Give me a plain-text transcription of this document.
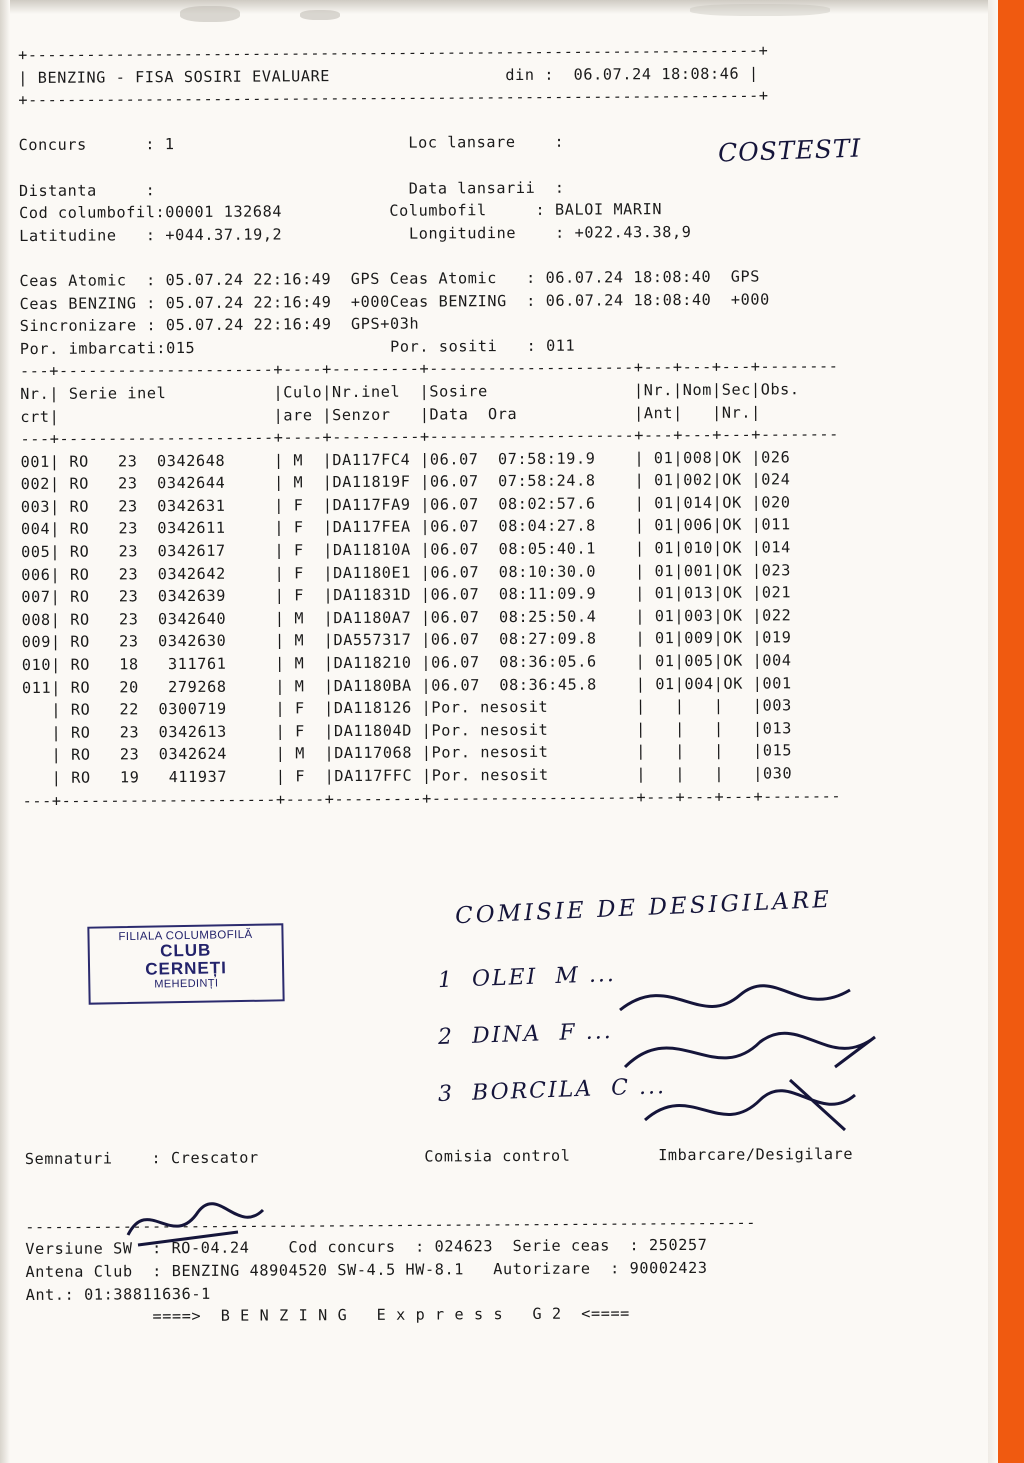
+---------------------------------------------------------------------------+
| BENZING - FISA SOSIRI EVALUARE                  din :  06.07.24 18:08:46 |
+---------------------------------------------------------------------------+

Concurs      : 1                        Loc lansare    :

Distanta     :                          Data lansarii  :
Cod columbofil:00001 132684           Columbofil     : BALOI MARIN
Latitudine   : +044.37.19,2             Longitudine    : +022.43.38,9

Ceas Atomic  : 05.07.24 22:16:49  GPS Ceas Atomic   : 06.07.24 18:08:40  GPS
Ceas BENZING : 05.07.24 22:16:49  +000Ceas BENZING  : 06.07.24 18:08:40  +000
Sincronizare : 05.07.24 22:16:49  GPS+03h
Por. imbarcati:015                    Por. sositi   : 011
---+----------------------+----+---------+---------------------+---+---+---+--------
Nr.| Serie inel           |Culo|Nr.inel  |Sosire               |Nr.|Nom|Sec|Obs.
crt|                      |are |Senzor   |Data  Ora            |Ant|   |Nr.|
---+----------------------+----+---------+---------------------+---+---+---+--------
001| RO   23  0342648     | M  |DA117FC4 |06.07  07:58:19.9    | 01|008|OK |026
002| RO   23  0342644     | M  |DA11819F |06.07  07:58:24.8    | 01|002|OK |024
003| RO   23  0342631     | F  |DA117FA9 |06.07  08:02:57.6    | 01|014|OK |020
004| RO   23  0342611     | F  |DA117FEA |06.07  08:04:27.8    | 01|006|OK |011
005| RO   23  0342617     | F  |DA11810A |06.07  08:05:40.1    | 01|010|OK |014
006| RO   23  0342642     | F  |DA1180E1 |06.07  08:10:30.0    | 01|001|OK |023
007| RO   23  0342639     | F  |DA11831D |06.07  08:11:09.9    | 01|013|OK |021
008| RO   23  0342640     | M  |DA1180A7 |06.07  08:25:50.4    | 01|003|OK |022
009| RO   23  0342630     | M  |DA557317 |06.07  08:27:09.8    | 01|009|OK |019
010| RO   18   311761     | M  |DA118210 |06.07  08:36:05.6    | 01|005|OK |004
011| RO   20   279268     | M  |DA1180BA |06.07  08:36:45.8    | 01|004|OK |001
| RO   22  0300719     | F  |DA118126 |Por. nesosit         |   |   |   |003
| RO   23  0342613     | F  |DA11804D |Por. nesosit         |   |   |   |013
| RO   23  0342624     | M  |DA117068 |Por. nesosit         |   |   |   |015
| RO   19   411937     | F  |DA117FFC |Por. nesosit         |   |   |   |030
---+----------------------+----+---------+---------------------+---+---+---+--------
Semnaturi    : Crescator                 Comisia control         Imbarcare/Desigilare

---------------------------------------------------------------------------
Versiune SW  : RO-04.24    Cod concurs  : 024623  Serie ceas  : 250257
Antena Club  : BENZING 48904520 SW-4.5 HW-8.1   Autorizare  : 90002423
Ant.: 01:38811636-1
====>  B E N Z I N G   E x p r e s s   G 2  <====
FILIALA COLUMBOFILĂ
CLUB
CERNEȚI
MEHEDINȚI
COSTESTI
COMISIE DE DESIGILARE
1  OLEI  M ...
2  DINA  F ...
3  BORCILA  C ...
